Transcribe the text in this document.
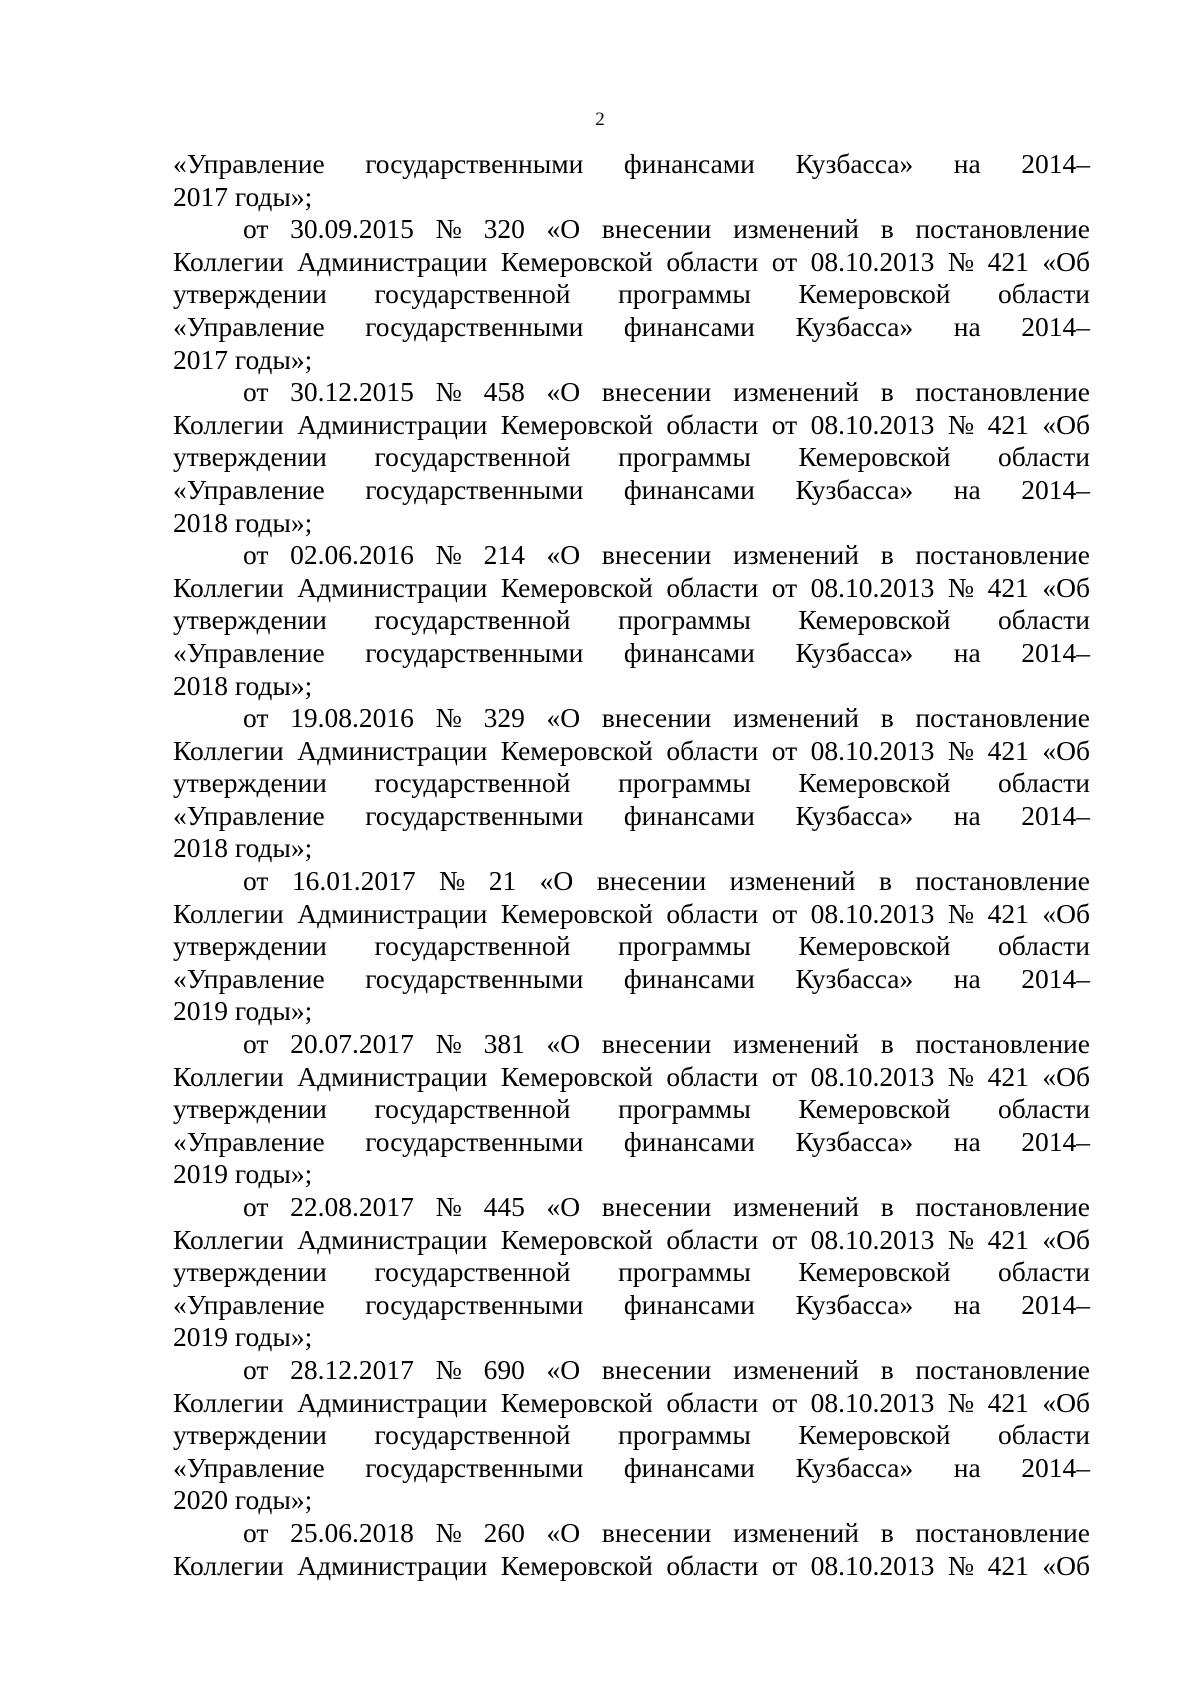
2
«Управление государственными финансами Кузбасса» на 2014–
2017 годы»;
от 30.09.2015 № 320 «О внесении изменений в постановление
Коллегии Администрации Кемеровской области от 08.10.2013 № 421 «Об
утверждении государственной программы Кемеровской области
«Управление государственными финансами Кузбасса» на 2014–
2017 годы»;
от 30.12.2015 № 458 «О внесении изменений в постановление
Коллегии Администрации Кемеровской области от 08.10.2013 № 421 «Об
утверждении государственной программы Кемеровской области
«Управление государственными финансами Кузбасса» на 2014–
2018 годы»;
от 02.06.2016 № 214 «О внесении изменений в постановление
Коллегии Администрации Кемеровской области от 08.10.2013 № 421 «Об
утверждении государственной программы Кемеровской области
«Управление государственными финансами Кузбасса» на 2014–
2018 годы»;
от 19.08.2016 № 329 «О внесении изменений в постановление
Коллегии Администрации Кемеровской области от 08.10.2013 № 421 «Об
утверждении государственной программы Кемеровской области
«Управление государственными финансами Кузбасса» на 2014–
2018 годы»;
от 16.01.2017 № 21 «О внесении изменений в постановление
Коллегии Администрации Кемеровской области от 08.10.2013 № 421 «Об
утверждении государственной программы Кемеровской области
«Управление государственными финансами Кузбасса» на 2014–
2019 годы»;
от 20.07.2017 № 381 «О внесении изменений в постановление
Коллегии Администрации Кемеровской области от 08.10.2013 № 421 «Об
утверждении государственной программы Кемеровской области
«Управление государственными финансами Кузбасса» на 2014–
2019 годы»;
от 22.08.2017 № 445 «О внесении изменений в постановление
Коллегии Администрации Кемеровской области от 08.10.2013 № 421 «Об
утверждении государственной программы Кемеровской области
«Управление государственными финансами Кузбасса» на 2014–
2019 годы»;
от 28.12.2017 № 690 «О внесении изменений в постановление
Коллегии Администрации Кемеровской области от 08.10.2013 № 421 «Об
утверждении государственной программы Кемеровской области
«Управление государственными финансами Кузбасса» на 2014–
2020 годы»;
от 25.06.2018 № 260 «О внесении изменений в постановление
Коллегии Администрации Кемеровской области от 08.10.2013 № 421 «Об
